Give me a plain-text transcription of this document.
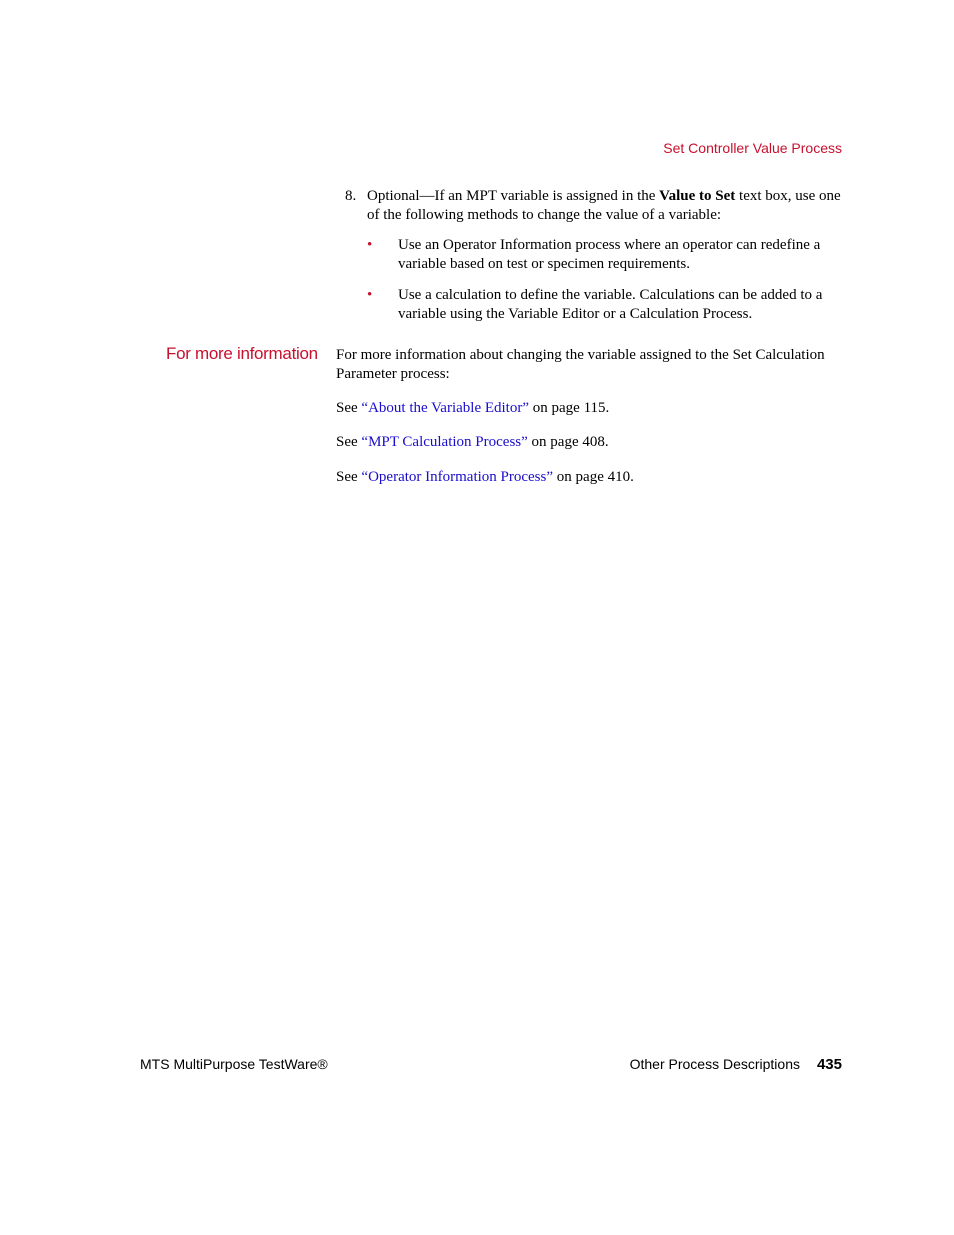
Set Controller Value Process
8. Optional—If an MPT variable is assigned in the Value to Set text box, use one of the following methods to change the value of a variable:
• Use an Operator Information process where an operator can redefine a variable based on test or specimen requirements.
• Use a calculation to define the variable. Calculations can be added to a variable using the Variable Editor or a Calculation Process.
For more information For more information about changing the variable assigned to the Set Calculation Parameter process:
See “About the Variable Editor” on page 115.
See “MPT Calculation Process” on page 408.
See “Operator Information Process” on page 410.
MTS MultiPurpose TestWare®	Other Process Descriptions 435
